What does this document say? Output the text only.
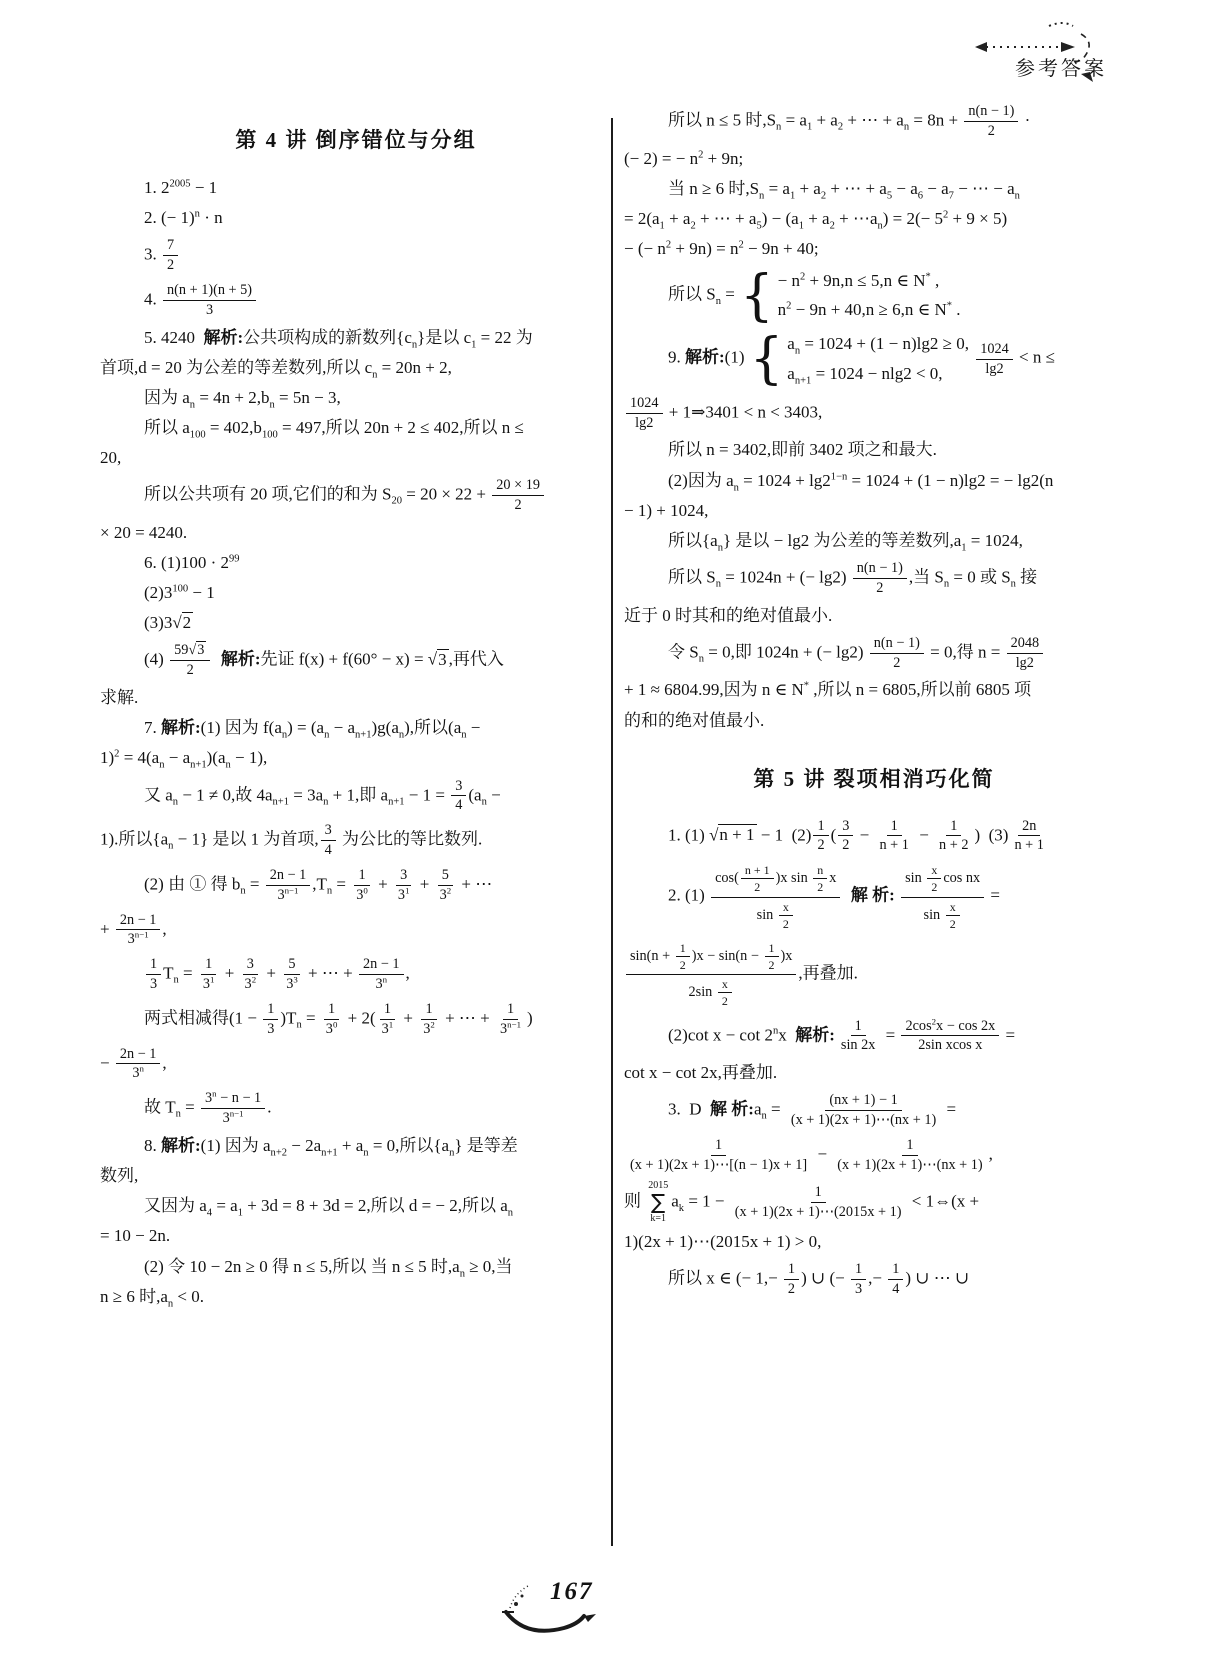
参考答案
第 4 讲 倒序错位与分组
1. $2^{2005} - 1$
2. (− 1)$^n$ · n
3. $\frac{7}{2}$
4. $\frac{n(n + 1)(n + 5)}{3}$
5. 4240  解析:公共项构成的新数列$\{c_n\}$是以 $c_1 = 22$ 为
首项,d = 20 为公差的等差数列,所以 $c_n = 20n + 2$,
因为 $a_n = 4n + 2,b_n = 5n - 3$,
所以 $a_{100} = 402,b_{100} = 497$,所以 20n + 2 ≤ 402,所以 n ≤
20,
所以公共项有 20 项,它们的和为 $S_{20} = 20 \times 22 + \frac{20 \times 19}{2}$
× 20 = 4240.
6. $(1)100 \cdot 2^{99}$
$(2)3^{100} - 1$
(3)3√2
$(4) \frac{59√3}{2}$ 解析:先证 f(x) + f(60° − x) = √3 ,再代入
求解.
7. 解析:(1) 因为 $f(a_n) = (a_n - a_{n+1})g(a_n)$,所以($a_n$ −
$1)^2 = 4(a_n - a_{n+1})(a_n - 1)$,
又 $a_n - 1 \ne 0$,故 $4a_{n+1} = 3a_n + 1$,即 $a_{n+1} - 1 = \frac{3}{4} (a_n$ −
1).所以$\{a_n - 1\}$ 是以 1 为首项, $\frac{3}{4}$ 为公比的等比数列.
(2) 由 ① 得 $b_n = \frac{2n - 1}{3^{n-1}} ,T_n = \frac{1}{3^0} + \frac{3}{3^1} + \frac{5}{3^2}$ + ⋯
+ $\frac{2n - 1}{3^{n-1}}$ ,
$\frac{1}{3} T_n = \frac{1}{3^1} + \frac{3}{3^2} + \frac{5}{3^3}$ + ⋯ + $\frac{2n - 1}{3^n}$ ,
两式相减得$(1 - \frac{1}{3} )T_n = \frac{1}{3^0} + 2( \frac{1}{3^1} + \frac{1}{3^2}$ + ⋯ + $\frac{1}{3^{n-1}}$ )
− $\frac{2n - 1}{3^n}$ ,
故 $T_n = \frac{3^n - n - 1}{3^{n-1}}$ .
8. 解析:(1) 因为 $a_{n+2} - 2a_{n+1} + a_n = 0$,所以$\{a_n\}$ 是等差
数列,
又因为 $a_4 = a_1 + 3d = 8 + 3d = 2$,所以 d = − 2,所以 $a_n$
= 10 − 2n.
(2) 令 10 − 2n ≥ 0 得 n ≤ 5,所以 当 n ≤ 5 时$,a_n \ge 0$,当
n ≥ 6 时$,a_n < 0$.
所以 n ≤ 5 时$,S_n = a_1 + a_2$ + ⋯ + $a_n = 8n + \frac{n(n - 1)}{2}$ ·
(− 2) = − $n^2 + 9n$;
当 n ≥ 6 时$,S_n = a_1 + a_2$ + ⋯ + $a_5 - a_6 - a_7$ − ⋯ − $a_n$
= $2(a_1 + a_2$ + ⋯ + $a_5) - (a_1 + a_2$ + $\cdots a_n) = 2(- 5^2 + 9 \times 5)$
− (− $n^2 + 9n) = n^2 - 9n + 40$;
所以 $S_n$ = { − $n^2 + 9n,n \le 5,n$ ∈ N* ,
$n^2 - 9n + 40,n \ge 6,n$ ∈ N* .
9. 解析:(1) { $a_n = 1024 + (1 - n)\lg 2 \ge 0$,
$a_{n+1} = 1024 - nlg2 < 0$,
	$\frac{1024}{\lg 2} < n$ ≤
$\frac{1024}{\lg 2}$ + 1⇒3401 < n < 3403,
所以 n = 3402,即前 3402 项之和最大.
(2)因为 $a_n = 1024 + \lg 2^{1-n} = 1024 + (1 - n)\lg 2$ = − lg2(n
− 1) + 1024,
所以$\{a_n\}$ 是以 − lg2 为公差的等差数列$,a_1 = 1024$,
所以 $S_n = 1024n$ + (− $\lg 2) \frac{n(n - 1)}{2}$ ,当 $S_n = 0$ 或 $S_n$ 接
近于 0 时其和的绝对值最小.
令 $S_n = 0$,即 1024n + (− $\lg 2) \frac{n(n - 1)}{2} = 0$,得 $n = \frac{2048}{\lg 2}$
+ 1 ≈ 6804.99,因为 n ∈ N* ,所以 n = 6805,所以前 6805 项
的和的绝对值最小.
第 5 讲 裂项相消巧化简
1. (1) √n + 1 − 1  $(2) \frac{1}{2}$ ( $\frac{3}{2} - \frac{1}{n + 1} - \frac{1}{n + 2}$ )  $(3) \frac{2n}{n + 1}$
2. $(1) \frac{\cos( \frac{n + 1}{2} )x \sin \frac{n}{2} x}{\sin \frac{x}{2}}$ 解 析: $\frac{\sin \frac{x}{2} \cos nx}{\sin \frac{x}{2}}$ =
$\frac{\sin(n + \frac{1}{2} )x - \sin(n - \frac{1}{2} )x}{2\sin \frac{x}{2}}$ ,再叠加.
(2)cot x − cot 2$^n$x  解析: $\frac{1}{\sin 2x} = \frac{2\cos^2x - \cos 2x}{\text{2sin xcos x}}$ =
cot x − cot 2x,再叠加.
3.  D  解 析$:a_n = \frac{(nx + 1) - 1}{(x + 1)(2x + 1)\cdots(nx + 1)}$ =
$\frac{1}{(x + 1)(2x + 1)\cdots[(n - 1)x + 1]} - \frac{1}{(x + 1)(2x + 1)\cdots(nx + 1)}$ ,
则
2015
∑
k=1
$a_k = 1 - \frac{1}{(x + 1)(2x + 1)\cdots(2015x + 1)}$ < 1⇔(x +
1)(2x + 1)⋯(2015x + 1) > 0,
所以 x ∈ (− $1,- \frac{1}{2}$ ) ∪ (− $\frac{1}{3}$ ,− $\frac{1}{4}$ ) ∪ ⋯ ∪
167
